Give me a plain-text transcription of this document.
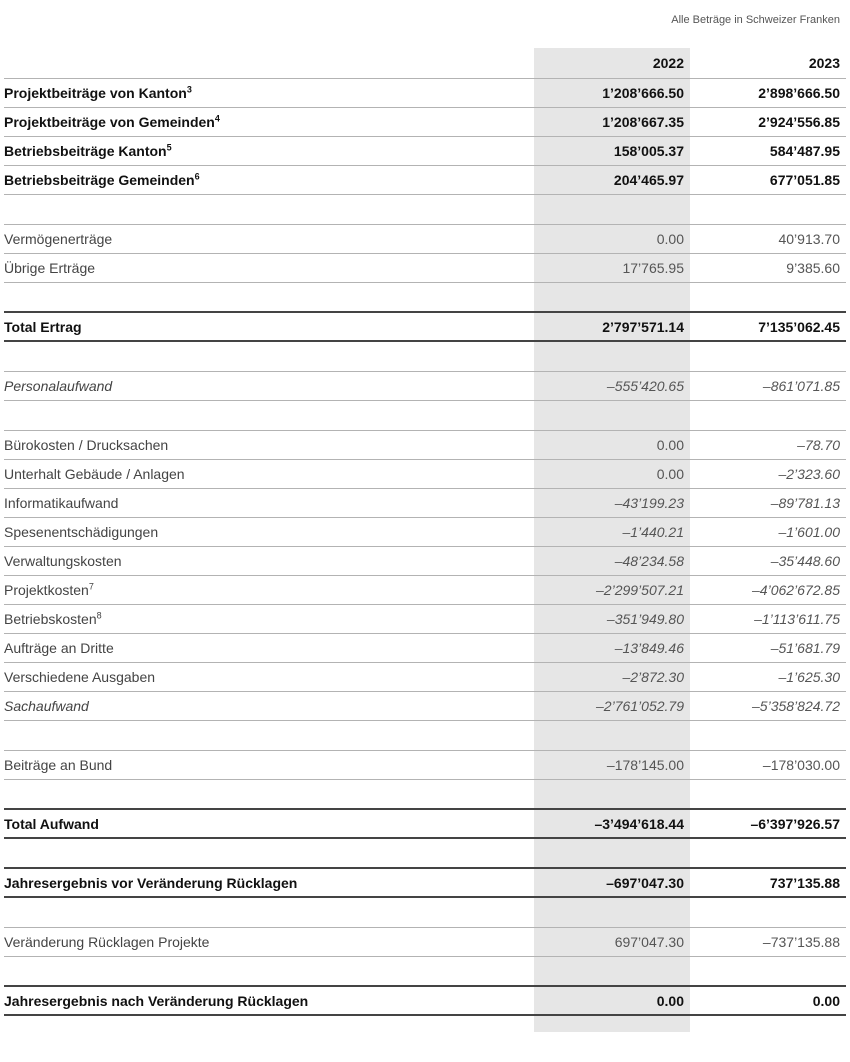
Alle Beträge in Schweizer Franken
	2022	2023
Projektbeiträge von Kanton$^3$	1’208’666.50	2’898’666.50
Projektbeiträge von Gemeinden$^4$	1’208’667.35	2’924’556.85
Betriebsbeiträge Kanton$^5$	158’005.37	584’487.95
Betriebsbeiträge Gemeinden$^6$	204’465.97	677’051.85

Vermögenerträge	0.00	40’913.70
Übrige Erträge	17’765.95	9’385.60

Total Ertrag	2’797’571.14	7’135’062.45

Personalaufwand	–555’420.65	–861’071.85

Bürokosten / Drucksachen	0.00	–78.70
Unterhalt Gebäude / Anlagen	0.00	–2’323.60
Informatikaufwand	–43’199.23	–89’781.13
Spesenentschädigungen	–1’440.21	–1’601.00
Verwaltungskosten	–48’234.58	–35’448.60
Projektkosten$^7$	–2’299’507.21	–4’062’672.85
Betriebskosten$^8$	–351’949.80	–1’113’611.75
Aufträge an Dritte	–13’849.46	–51’681.79
Verschiedene Ausgaben	–2’872.30	–1’625.30
Sachaufwand	–2’761’052.79	–5’358’824.72

Beiträge an Bund	–178’145.00	–178’030.00

Total Aufwand	–3’494’618.44	–6’397’926.57

Jahresergebnis vor Veränderung Rücklagen	–697’047.30	737’135.88

Veränderung Rücklagen Projekte	697’047.30	–737’135.88

Jahresergebnis nach Veränderung Rücklagen	0.00	0.00
